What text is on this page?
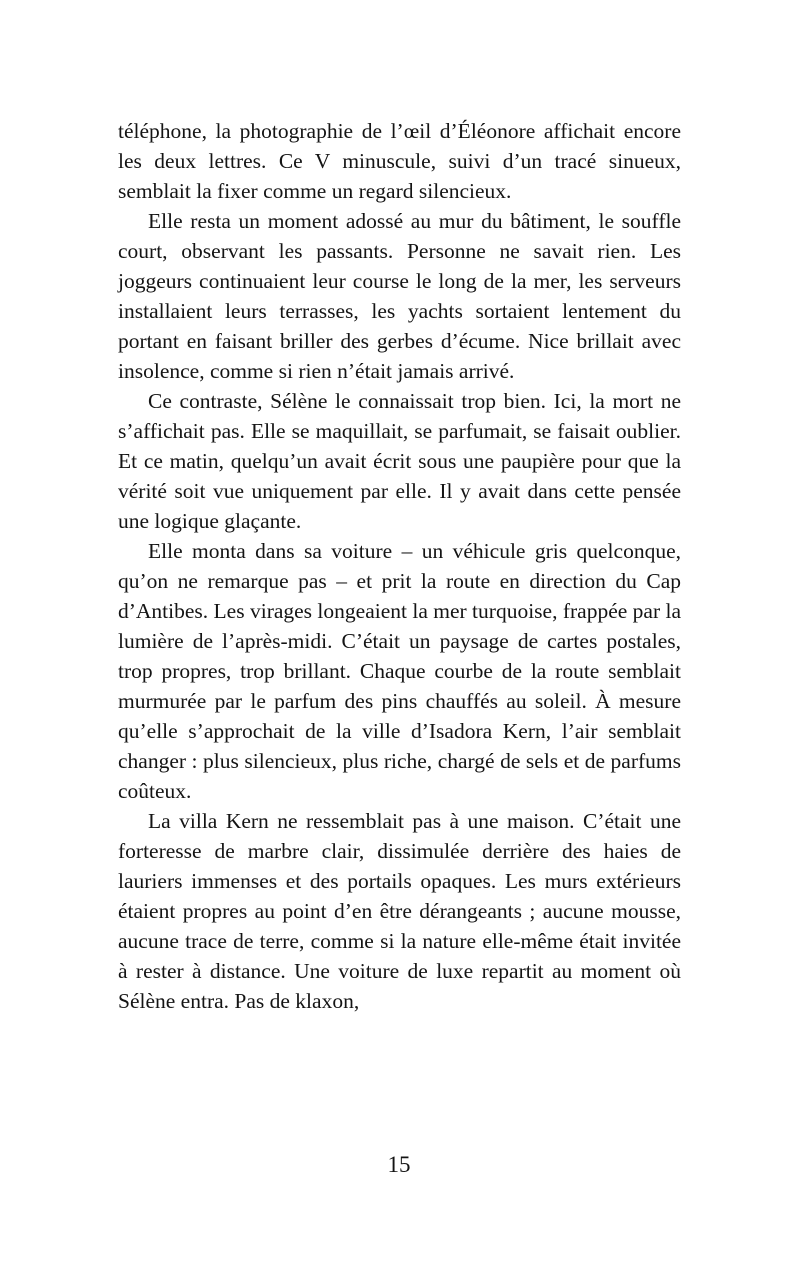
téléphone, la photographie de l’œil d’Éléonore affichait encore les deux lettres. Ce V minuscule, suivi d’un tracé sinueux, semblait la fixer comme un regard silencieux.

Elle resta un moment adossé au mur du bâtiment, le souffle court, observant les passants. Personne ne savait rien. Les joggeurs continuaient leur course le long de la mer, les serveurs installaient leurs terrasses, les yachts sortaient lentement du portant en faisant briller des gerbes d’écume. Nice brillait avec insolence, comme si rien n’était jamais arrivé.

Ce contraste, Sélène le connaissait trop bien. Ici, la mort ne s’affichait pas. Elle se maquillait, se parfumait, se faisait oublier. Et ce matin, quelqu’un avait écrit sous une paupière pour que la vérité soit vue uniquement par elle. Il y avait dans cette pensée une logique glaçante.

Elle monta dans sa voiture – un véhicule gris quelconque, qu’on ne remarque pas – et prit la route en direction du Cap d’Antibes. Les virages longeaient la mer turquoise, frappée par la lumière de l’après-midi. C’était un paysage de cartes postales, trop propres, trop brillant. Chaque courbe de la route semblait murmurée par le parfum des pins chauffés au soleil. À mesure qu’elle s’approchait de la ville d’Isadora Kern, l’air semblait changer : plus silencieux, plus riche, chargé de sels et de parfums coûteux.

La villa Kern ne ressemblait pas à une maison. C’était une forteresse de marbre clair, dissimulée derrière des haies de lauriers immenses et des portails opaques. Les murs extérieurs étaient propres au point d’en être dérangeants ; aucune mousse, aucune trace de terre, comme si la nature elle-même était invitée à rester à distance. Une voiture de luxe repartit au moment où Sélène entra. Pas de klaxon,

15
